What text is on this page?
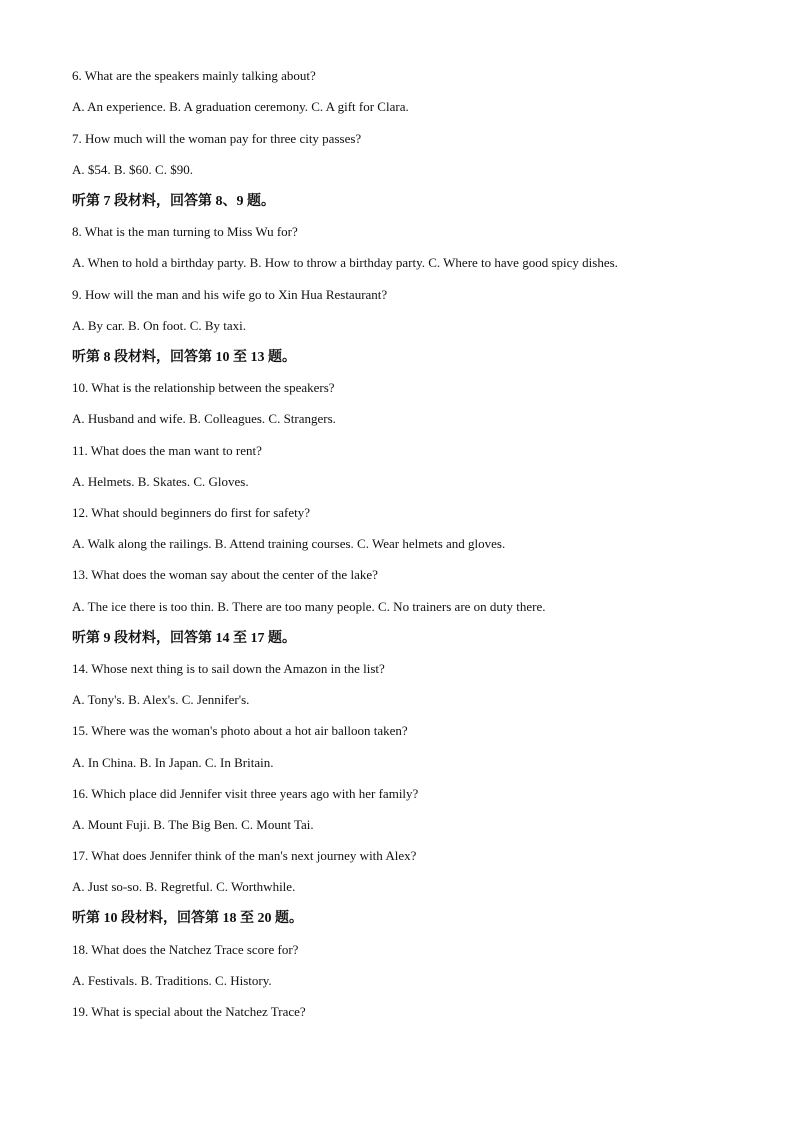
6. What are the speakers mainly talking about?
A. An experience. B. A graduation ceremony. C. A gift for Clara.
7. How much will the woman pay for three city passes?
A. $54. B. $60. C. $90.
听第 7 段材料，回答第 8、9 题。
8. What is the man turning to Miss Wu for?
A. When to hold a birthday party. B. How to throw a birthday party. C. Where to have good spicy dishes.
9. How will the man and his wife go to Xin Hua Restaurant?
A. By car. B. On foot. C. By taxi.
听第 8 段材料，回答第 10 至 13 题。
10. What is the relationship between the speakers?
A. Husband and wife. B. Colleagues. C. Strangers.
11. What does the man want to rent?
A. Helmets. B. Skates. C. Gloves.
12. What should beginners do first for safety?
A. Walk along the railings. B. Attend training courses. C. Wear helmets and gloves.
13. What does the woman say about the center of the lake?
A. The ice there is too thin. B. There are too many people. C. No trainers are on duty there.
听第 9 段材料，回答第 14 至 17 题。
14. Whose next thing is to sail down the Amazon in the list?
A. Tony's. B. Alex's. C. Jennifer's.
15. Where was the woman's photo about a hot air balloon taken?
A. In China. B. In Japan. C. In Britain.
16. Which place did Jennifer visit three years ago with her family?
A. Mount Fuji. B. The Big Ben. C. Mount Tai.
17. What does Jennifer think of the man's next journey with Alex?
A. Just so-so. B. Regretful. C. Worthwhile.
听第 10 段材料，回答第 18 至 20 题。
18. What does the Natchez Trace score for?
A. Festivals. B. Traditions. C. History.
19. What is special about the Natchez Trace?
